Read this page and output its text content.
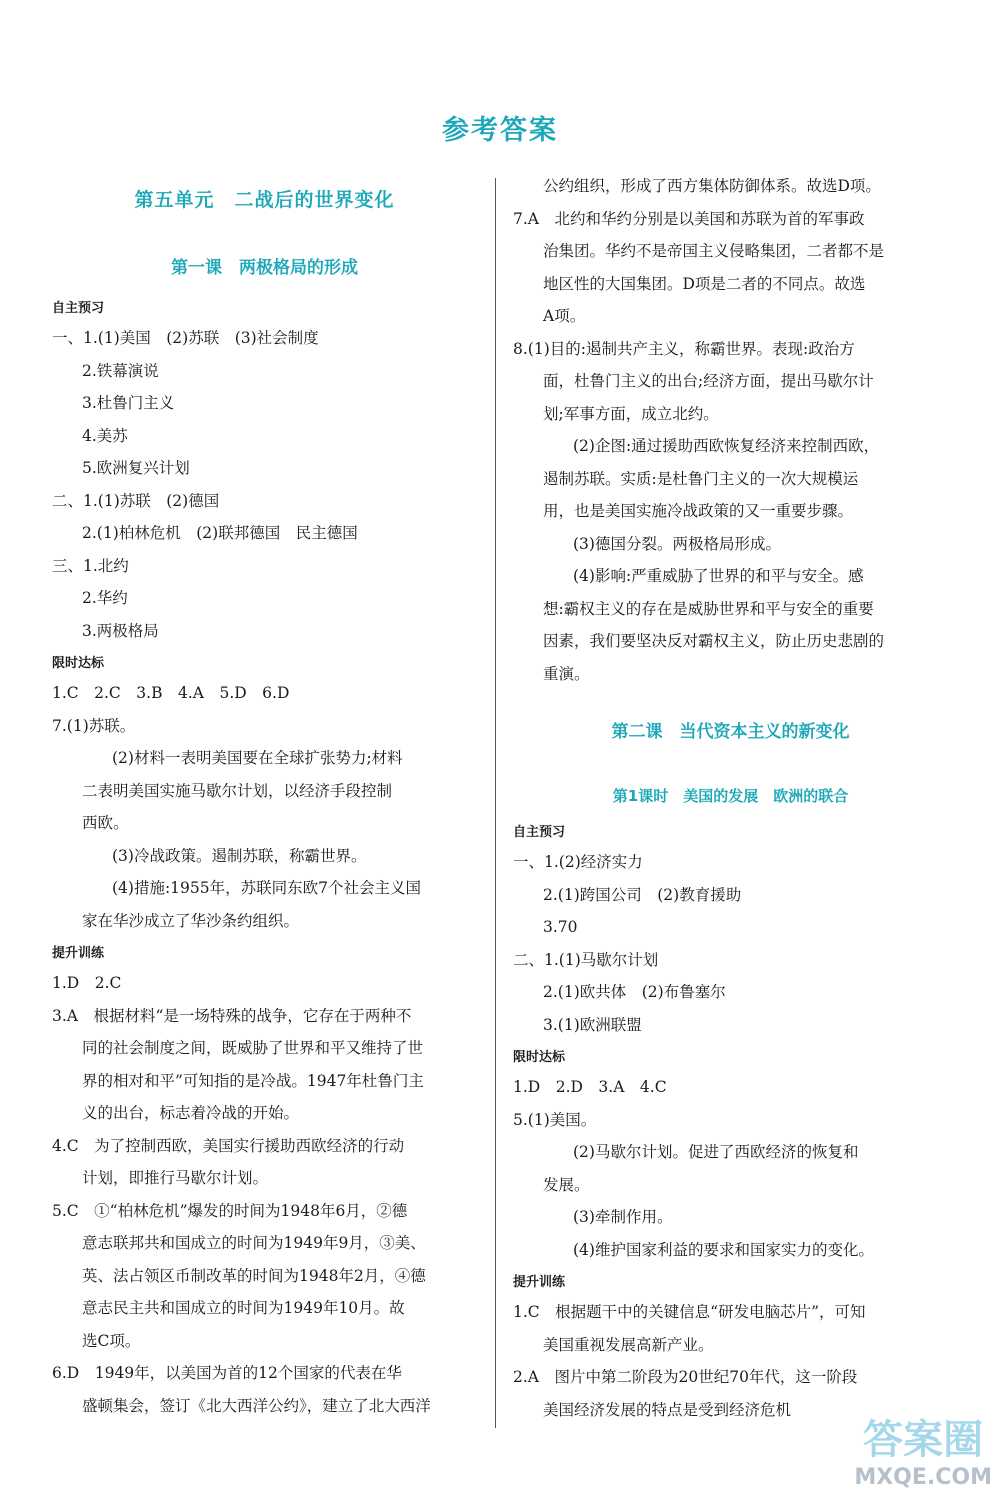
参考答案
第五单元　二战后的世界变化
第一课　两极格局的形成
自主预习
一、1.(1)美国　(2)苏联　(3)社会制度
2.铁幕演说
3.杜鲁门主义
4.美苏
5.欧洲复兴计划
二、1.(1)苏联　(2)德国
2.(1)柏林危机　(2)联邦德国　民主德国
三、1.北约
2.华约
3.两极格局
限时达标
1.C　2.C　3.B　4.A　5.D　6.D
7.(1)苏联。
(2)材料一表明美国要在全球扩张势力;材料
二表明美国实施马歇尔计划，以经济手段控制
西欧。
(3)冷战政策。遏制苏联，称霸世界。
(4)措施:1955年，苏联同东欧7个社会主义国
家在华沙成立了华沙条约组织。
提升训练
1.D　2.C
3.A　根据材料“是一场特殊的战争，它存在于两种不
同的社会制度之间，既威胁了世界和平又维持了世
界的相对和平”可知指的是冷战。1947年杜鲁门主
义的出台，标志着冷战的开始。
4.C　为了控制西欧，美国实行援助西欧经济的行动
计划，即推行马歇尔计划。
5.C　①“柏林危机”爆发的时间为1948年6月，②德
意志联邦共和国成立的时间为1949年9月，③美、
英、法占领区币制改革的时间为1948年2月，④德
意志民主共和国成立的时间为1949年10月。故
选C项。
6.D　1949年，以美国为首的12个国家的代表在华
盛顿集会，签订《北大西洋公约》，建立了北大西洋
公约组织，形成了西方集体防御体系。故选D项。
7.A　北约和华约分别是以美国和苏联为首的军事政
治集团。华约不是帝国主义侵略集团，二者都不是
地区性的大国集团。D项是二者的不同点。故选
A项。
8.(1)目的:遏制共产主义，称霸世界。表现:政治方
面，杜鲁门主义的出台;经济方面，提出马歇尔计
划;军事方面，成立北约。
(2)企图:通过援助西欧恢复经济来控制西欧，
遏制苏联。实质:是杜鲁门主义的一次大规模运
用，也是美国实施冷战政策的又一重要步骤。
(3)德国分裂。两极格局形成。
(4)影响:严重威胁了世界的和平与安全。感
想:霸权主义的存在是威胁世界和平与安全的重要
因素，我们要坚决反对霸权主义，防止历史悲剧的
重演。
第二课　当代资本主义的新变化
第1课时　美国的发展　欧洲的联合
自主预习
一、1.(2)经济实力
2.(1)跨国公司　(2)教育援助
3.70
二、1.(1)马歇尔计划
2.(1)欧共体　(2)布鲁塞尔
3.(1)欧洲联盟
限时达标
1.D　2.D　3.A　4.C
5.(1)美国。
(2)马歇尔计划。促进了西欧经济的恢复和
发展。
(3)牵制作用。
(4)维护国家利益的要求和国家实力的变化。
提升训练
1.C　根据题干中的关键信息“研发电脑芯片”，可知
美国重视发展高新产业。
2.A　图片中第二阶段为20世纪70年代，这一阶段
美国经济发展的特点是受到经济危机
答案圈
MXQE.COM
